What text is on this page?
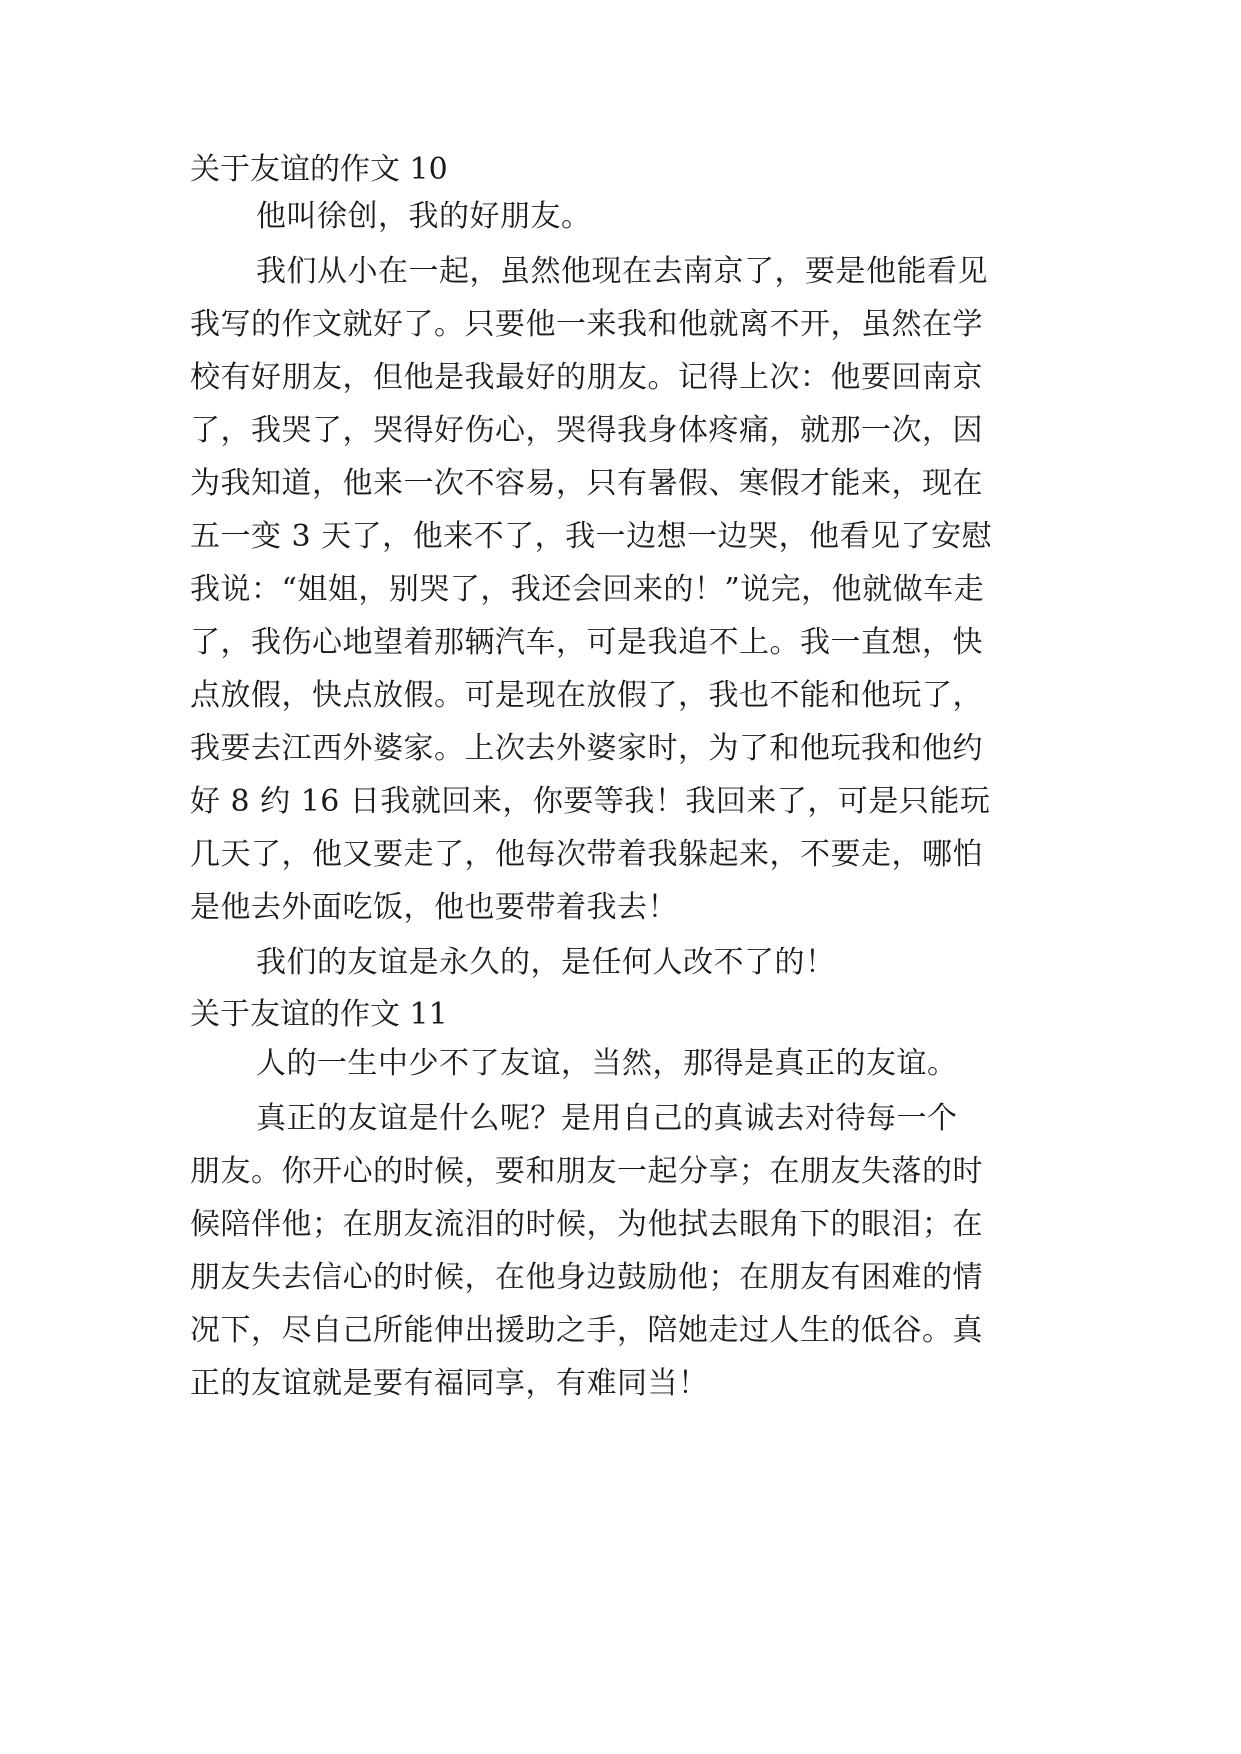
关于友谊的作文 10

他叫徐创，我的好朋友。

我们从小在一起，虽然他现在去南京了，要是他能看见

我写的作文就好了。只要他一来我和他就离不开，虽然在学

校有好朋友，但他是我最好的朋友。记得上次：他要回南京

了，我哭了，哭得好伤心，哭得我身体疼痛，就那一次，因

为我知道，他来一次不容易，只有暑假、寒假才能来，现在

五一变 3 天了，他来不了，我一边想一边哭，他看见了安慰

我说：“姐姐，别哭了，我还会回来的！”说完，他就做车走

了，我伤心地望着那辆汽车，可是我追不上。我一直想，快

点放假，快点放假。可是现在放假了，我也不能和他玩了，

我要去江西外婆家。上次去外婆家时，为了和他玩我和他约

好 8 约 16 日我就回来，你要等我！我回来了，可是只能玩

几天了，他又要走了，他每次带着我躲起来，不要走，哪怕

是他去外面吃饭，他也要带着我去！

我们的友谊是永久的，是任何人改不了的！

关于友谊的作文 11

人的一生中少不了友谊，当然，那得是真正的友谊。

真正的友谊是什么呢？是用自己的真诚去对待每一个

朋友。你开心的时候，要和朋友一起分享；在朋友失落的时

候陪伴他；在朋友流泪的时候，为他拭去眼角下的眼泪；在

朋友失去信心的时候，在他身边鼓励他；在朋友有困难的情

况下，尽自己所能伸出援助之手，陪她走过人生的低谷。真

正的友谊就是要有福同享，有难同当！
